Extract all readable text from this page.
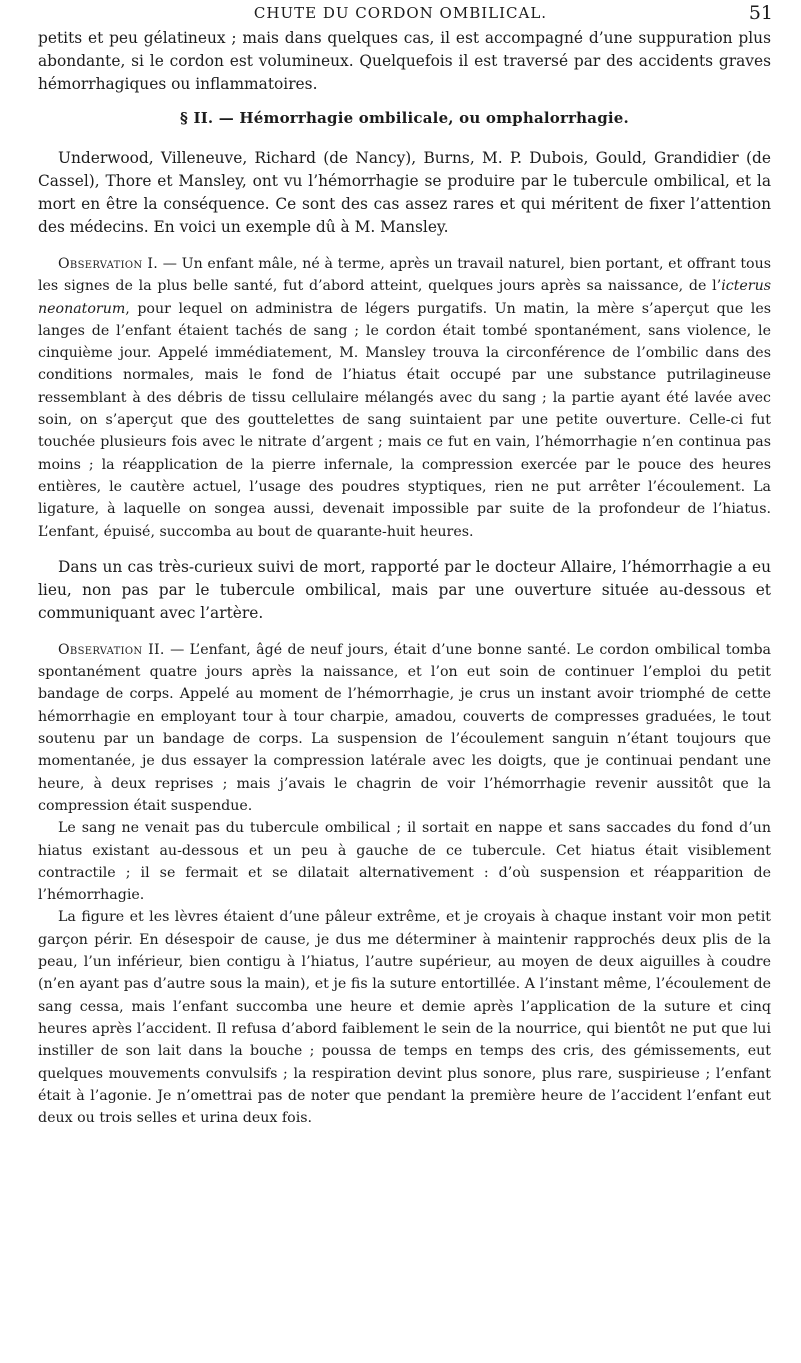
CHUTE DU CORDON OMBILICAL.	51

petits et peu gélatineux ; mais dans quelques cas, il est accompagné d’une suppuration plus abondante, si le cordon est volumineux. Quelquefois il est traversé par des accidents graves hémorrhagiques ou inflammatoires.

§ II. — Hémorrhagie ombilicale, ou omphalorrhagie.

Underwood, Villeneuve, Richard (de Nancy), Burns, M. P. Dubois, Gould, Grandidier (de Cassel), Thore et Mansley, ont vu l’hémorrhagie se produire par le tubercule ombilical, et la mort en être la conséquence. Ce sont des cas assez rares et qui méritent de fixer l’attention des médecins. En voici un exemple dû à M. Mansley.

Observation I. — Un enfant mâle, né à terme, après un travail naturel, bien portant, et offrant tous les signes de la plus belle santé, fut d’abord atteint, quelques jours après sa naissance, de l’icterus neonatorum, pour lequel on administra de légers purgatifs. Un matin, la mère s’aperçut que les langes de l’enfant étaient tachés de sang ; le cordon était tombé spontanément, sans violence, le cinquième jour. Appelé immédiatement, M. Mansley trouva la circonférence de l’ombilic dans des conditions normales, mais le fond de l’hiatus était occupé par une substance putrilagineuse ressemblant à des débris de tissu cellulaire mélangés avec du sang ; la partie ayant été lavée avec soin, on s’aperçut que des gouttelettes de sang suintaient par une petite ouverture. Celle-ci fut touchée plusieurs fois avec le nitrate d’argent ; mais ce fut en vain, l’hémorrhagie n’en continua pas moins ; la réapplication de la pierre infernale, la compression exercée par le pouce des heures entières, le cautère actuel, l’usage des poudres styptiques, rien ne put arrêter l’écoulement. La ligature, à laquelle on songea aussi, devenait impossible par suite de la profondeur de l’hiatus. L’enfant, épuisé, succomba au bout de quarante-huit heures.

Dans un cas très-curieux suivi de mort, rapporté par le docteur Allaire, l’hémorrhagie a eu lieu, non pas par le tubercule ombilical, mais par une ouverture située au-dessous et communiquant avec l’artère.

Observation II. — L’enfant, âgé de neuf jours, était d’une bonne santé. Le cordon ombilical tomba spontanément quatre jours après la naissance, et l’on eut soin de continuer l’emploi du petit bandage de corps. Appelé au moment de l’hémorrhagie, je crus un instant avoir triomphé de cette hémorrhagie en employant tour à tour charpie, amadou, couverts de compresses graduées, le tout soutenu par un bandage de corps. La suspension de l’écoulement sanguin n’étant toujours que momentanée, je dus essayer la compression latérale avec les doigts, que je continuai pendant une heure, à deux reprises ; mais j’avais le chagrin de voir l’hémorrhagie revenir aussitôt que la compression était suspendue.

Le sang ne venait pas du tubercule ombilical ; il sortait en nappe et sans saccades du fond d’un hiatus existant au-dessous et un peu à gauche de ce tubercule. Cet hiatus était visiblement contractile ; il se fermait et se dilatait alternativement : d’où suspension et réapparition de l’hémorrhagie.

La figure et les lèvres étaient d’une pâleur extrême, et je croyais à chaque instant voir mon petit garçon périr. En désespoir de cause, je dus me déterminer à maintenir rapprochés deux plis de la peau, l’un inférieur, bien contigu à l’hiatus, l’autre supérieur, au moyen de deux aiguilles à coudre (n’en ayant pas d’autre sous la main), et je fis la suture entortillée. A l’instant même, l’écoulement de sang cessa, mais l’enfant succomba une heure et demie après l’application de la suture et cinq heures après l’accident. Il refusa d’abord faiblement le sein de la nourrice, qui bientôt ne put que lui instiller de son lait dans la bouche ; poussa de temps en temps des cris, des gémissements, eut quelques mouvements convulsifs ; la respiration devint plus sonore, plus rare, suspirieuse ; l’enfant était à l’agonie. Je n’omettrai pas de noter que pendant la première heure de l’accident l’enfant eut deux ou trois selles et urina deux fois.
